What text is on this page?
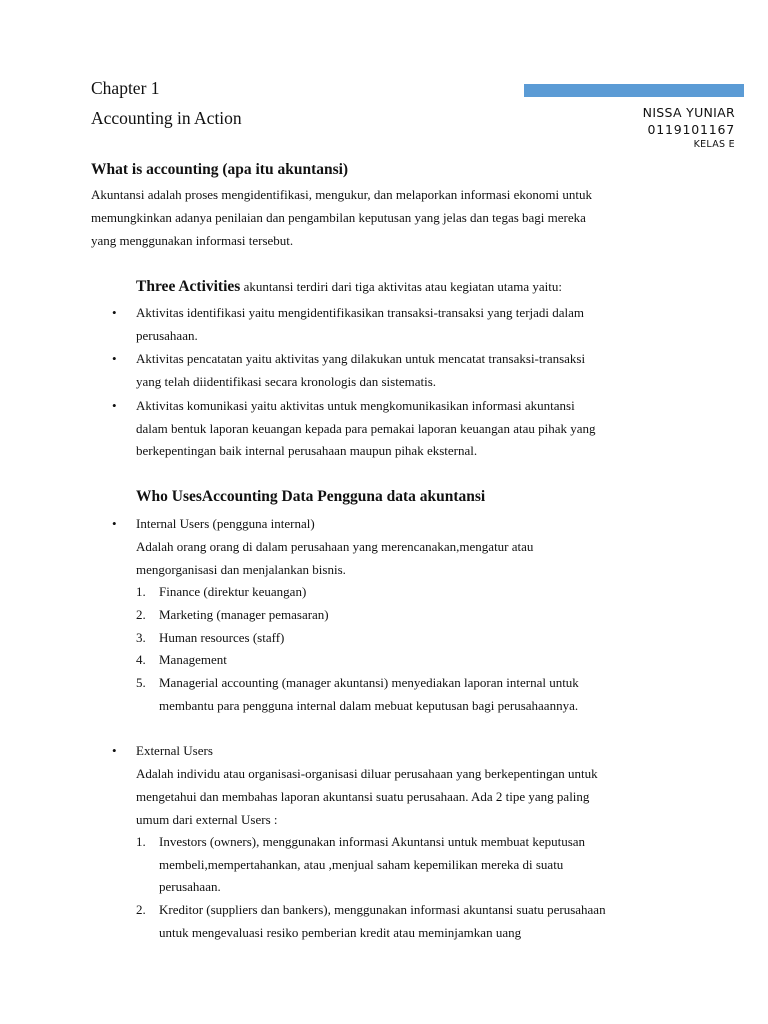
Chapter 1
Accounting in Action	NISSA YUNIAR
0119101167
KELAS E
What is accounting (apa itu akuntansi)
Akuntansi adalah proses mengidentifikasi, mengukur, dan melaporkan informasi ekonomi untuk
memungkinkan adanya penilaian dan pengambilan keputusan yang jelas dan tegas bagi mereka
yang menggunakan informasi tersebut.
Three Activities akuntansi terdiri dari tiga aktivitas atau kegiatan utama yaitu:
• Aktivitas identifikasi yaitu mengidentifikasikan transaksi-transaksi yang terjadi dalam
perusahaan.
• Aktivitas pencatatan yaitu aktivitas yang dilakukan untuk mencatat transaksi-transaksi
yang telah diidentifikasi secara kronologis dan sistematis.
• Aktivitas komunikasi yaitu aktivitas untuk mengkomunikasikan informasi akuntansi
dalam bentuk laporan keuangan kepada para pemakai laporan keuangan atau pihak yang
berkepentingan baik internal perusahaan maupun pihak eksternal.
Who UsesAccounting Data Pengguna data akuntansi
• Internal Users (pengguna internal)
Adalah orang orang di dalam perusahaan yang merencanakan,mengatur atau
mengorganisasi dan menjalankan bisnis.
1. Finance (direktur keuangan)
2. Marketing (manager pemasaran)
3. Human resources (staff)
4. Management
5. Managerial accounting (manager akuntansi) menyediakan laporan internal untuk
membantu para pengguna internal dalam mebuat keputusan bagi perusahaannya.
• External Users
Adalah individu atau organisasi-organisasi diluar perusahaan yang berkepentingan untuk
mengetahui dan membahas laporan akuntansi suatu perusahaan. Ada 2 tipe yang paling
umum dari external Users :
1. Investors (owners), menggunakan informasi Akuntansi untuk membuat keputusan
membeli,mempertahankan, atau ,menjual saham kepemilikan mereka di suatu
perusahaan.
2. Kreditor (suppliers dan bankers), menggunakan informasi akuntansi suatu perusahaan
untuk mengevaluasi resiko pemberian kredit atau meminjamkan uang
